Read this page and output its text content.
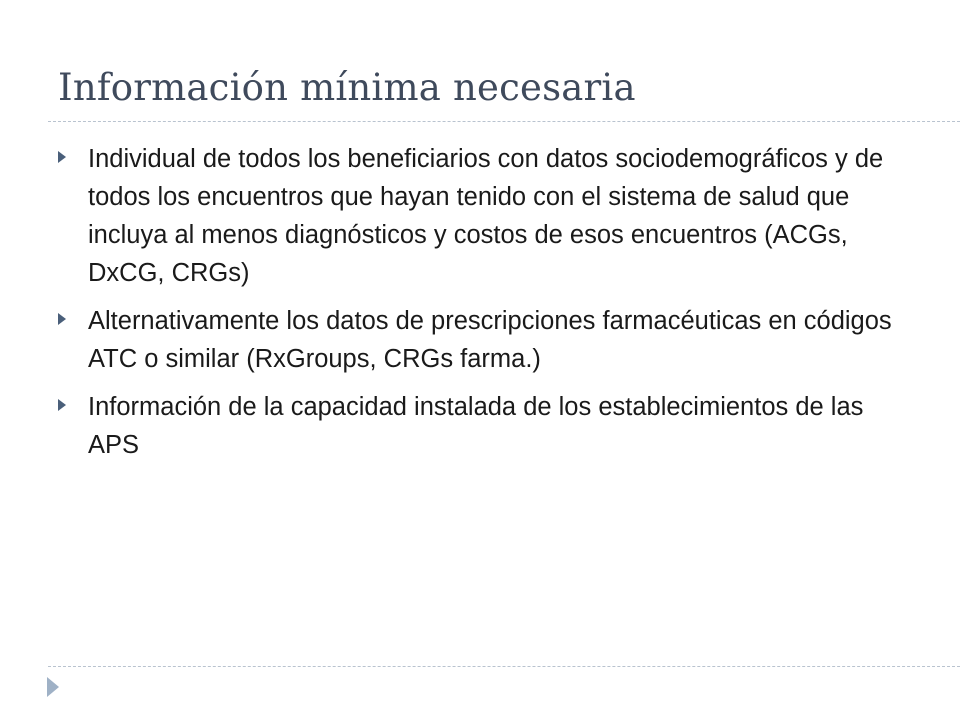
Información mínima necesaria
Individual de todos los beneficiarios con datos sociodemográficos y de todos los encuentros que hayan tenido con el sistema de salud que incluya al menos diagnósticos y costos de esos encuentros (ACGs, DxCG, CRGs)
Alternativamente los datos de prescripciones farmacéuticas en códigos ATC o similar (RxGroups, CRGs farma.)
Información de la capacidad instalada de los establecimientos de las APS
